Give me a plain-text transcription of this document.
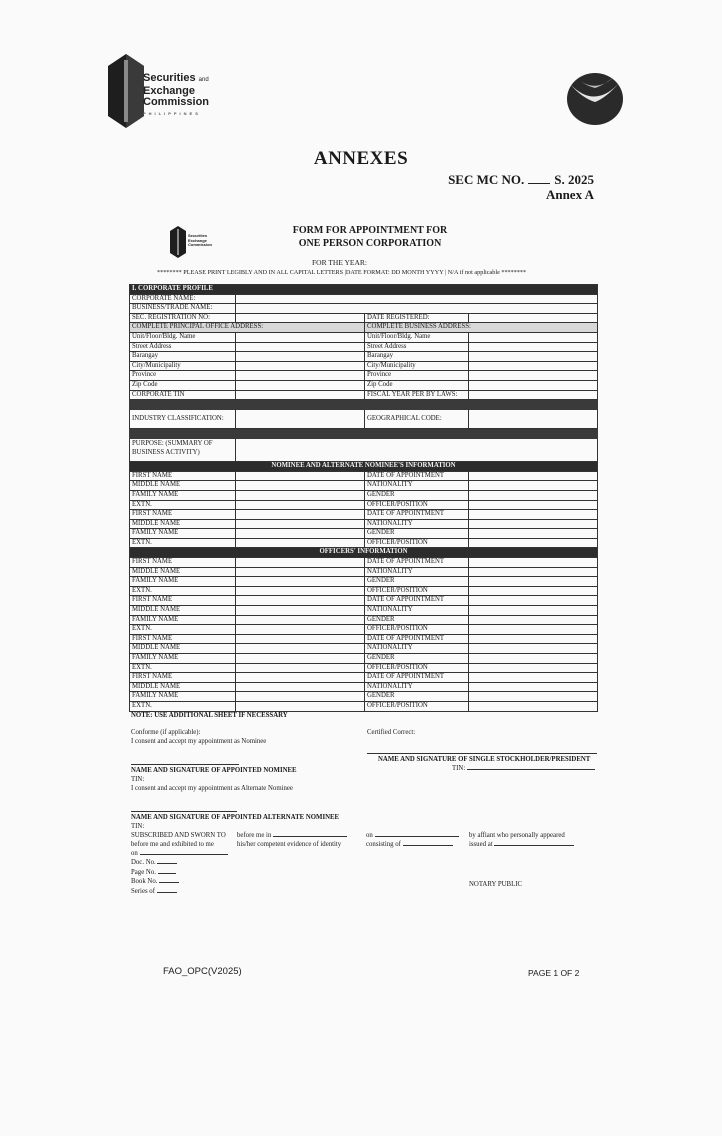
Securities and
Exchange
Commission
PHILIPPINES
ANNEXES
SEC MC NO. S. 2025
Annex A
Securities
Exchange
Commission
FORM FOR APPOINTMENT FOR
ONE PERSON CORPORATION
FOR THE YEAR:
******** PLEASE PRINT LEGIBLY AND IN ALL CAPITAL LETTERS |DATE FORMAT: DD MONTH YYYY | N/A if not applicable ********
I. CORPORATE PROFILE			
CORPORATE NAME:			
BUSINESS/TRADE NAME:			
SEC. REGISTRATION NO:		DATE REGISTERED:	
COMPLETE PRINCIPAL OFFICE ADDRESS:		COMPLETE BUSINESS ADDRESS:	
Unit/Floor/Bldg. Name		Unit/Floor/Bldg. Name	
Street Address		Street Address	
Barangay		Barangay	
City/Municipality		City/Municipality	
Province		Province	
Zip Code		Zip Code	
CORPORATE TIN		FISCAL YEAR PER BY LAWS:	

INDUSTRY CLASSIFICATION:		GEOGRAPHICAL CODE:	

PURPOSE: (SUMMARY OF
BUSINESS ACTIVITY)			
NOMINEE AND ALTERNATE NOMINEE'S INFORMATION			
FIRST NAME		DATE OF APPOINTMENT	
MIDDLE NAME		NATIONALITY	
FAMILY NAME		GENDER	
EXTN.		OFFICER/POSITION	
FIRST NAME		DATE OF APPOINTMENT	
MIDDLE NAME		NATIONALITY	
FAMILY NAME		GENDER	
EXTN.		OFFICER/POSITION	
OFFICERS' INFORMATION			
FIRST NAME		DATE OF APPOINTMENT	
MIDDLE NAME		NATIONALITY	
FAMILY NAME		GENDER	
EXTN.		OFFICER/POSITION	
FIRST NAME		DATE OF APPOINTMENT	
MIDDLE NAME		NATIONALITY	
FAMILY NAME		GENDER	
EXTN.		OFFICER/POSITION	
FIRST NAME		DATE OF APPOINTMENT	
MIDDLE NAME		NATIONALITY	
FAMILY NAME		GENDER	
EXTN.		OFFICER/POSITION	
FIRST NAME		DATE OF APPOINTMENT	
MIDDLE NAME		NATIONALITY	
FAMILY NAME		GENDER	
EXTN.		OFFICER/POSITION	
NOTE: USE ADDITIONAL SHEET IF NECESSARY
Conforme (if applicable):
I consent and accept my appointment as Nominee
Certified Correct:
NAME AND SIGNATURE OF APPOINTED NOMINEE
TIN:
I consent and accept my appointment as Alternate Nominee
NAME AND SIGNATURE OF SINGLE STOCKHOLDER/PRESIDENT
TIN:
NAME AND SIGNATURE OF APPOINTED ALTERNATE NOMINEE
TIN:
SUBSCRIBED AND SWORN TO
before me and exhibited to me
on
before me in
his/her competent evidence of identity
on
consisting of
by affiant who personally appeared
issued at
Doc. No.
Page No.
Book No.
Series of
NOTARY PUBLIC
FAO_OPC(V2025)	PAGE 1 OF 2
